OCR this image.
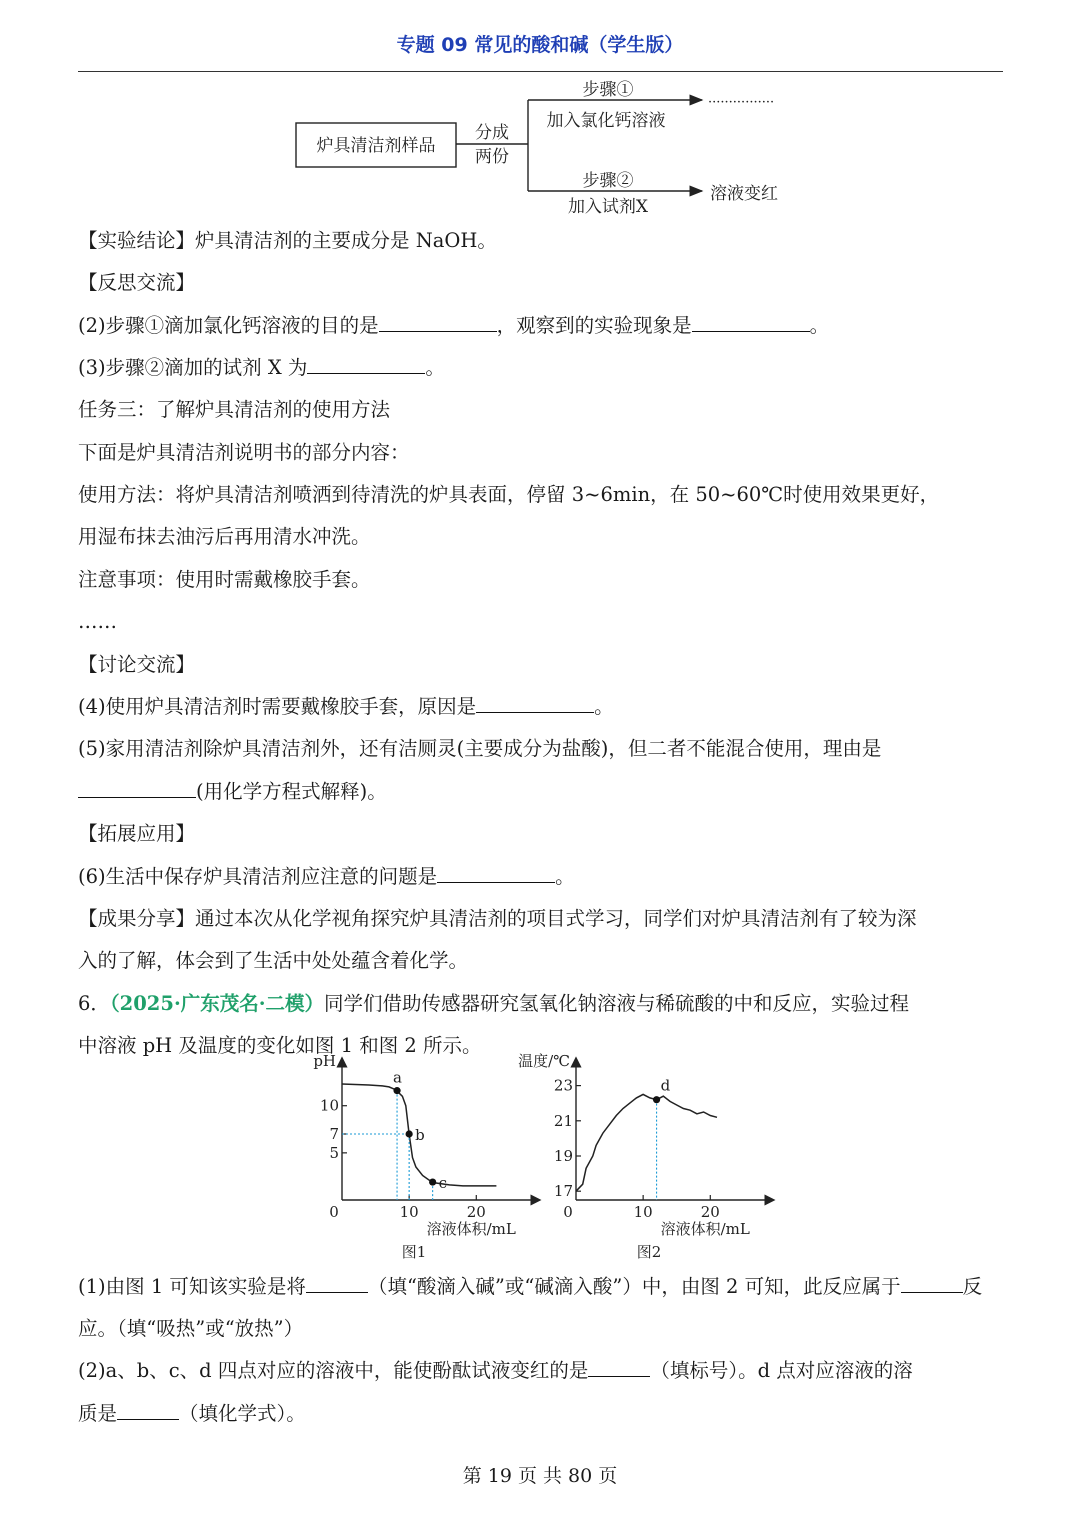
专题 09 常见的酸和碱（学生版）
炉具清洁剂样品
分成
两份
步骤①
加入氯化钙溶液
················
步骤②
加入试剂X
溶液变红
【实验结论】炉具清洁剂的主要成分是 NaOH。
【反思交流】
(2)步骤①滴加氯化钙溶液的目的是	，观察到的实验现象是	。
(3)步骤②滴加的试剂 X 为	。
任务三：了解炉具清洁剂的使用方法
下面是炉具清洁剂说明书的部分内容：
使用方法：将炉具清洁剂喷洒到待清洗的炉具表面，停留 3~6min，在 50~60℃时使用效果更好，
用湿布抹去油污后再用清水冲洗。
注意事项：使用时需戴橡胶手套。
……
【讨论交流】
(4)使用炉具清洁剂时需要戴橡胶手套，原因是	。
(5)家用清洁剂除炉具清洁剂外，还有洁厕灵(主要成分为盐酸)，但二者不能混合使用，理由是
(用化学方程式解释)。
【拓展应用】
(6)生活中保存炉具清洁剂应注意的问题是	。
【成果分享】通过本次从化学视角探究炉具清洁剂的项目式学习，同学们对炉具清洁剂有了较为深
入的了解，体会到了生活中处处蕴含着化学。
6．（2025·广东茂名·二模）同学们借助传感器研究氢氧化钠溶液与稀硫酸的中和反应，实验过程
中溶液 pH 及温度的变化如图 1 和图 2 所示。
pH
5
7
10
0	10	20
溶液体积/mL
图1
a
b
c
温度/℃
17
19
21
23
0	10	20
溶液体积/mL
图2
d
(1)由图 1 可知该实验是将	（填“酸滴入碱”或“碱滴入酸”）中，由图 2 可知，此反应属于	反
应。（填“吸热”或“放热”）
(2)a、b、c、d 四点对应的溶液中，能使酚酞试液变红的是	（填标号）。d 点对应溶液的溶
质是	（填化学式）。
第 19 页 共 80 页
